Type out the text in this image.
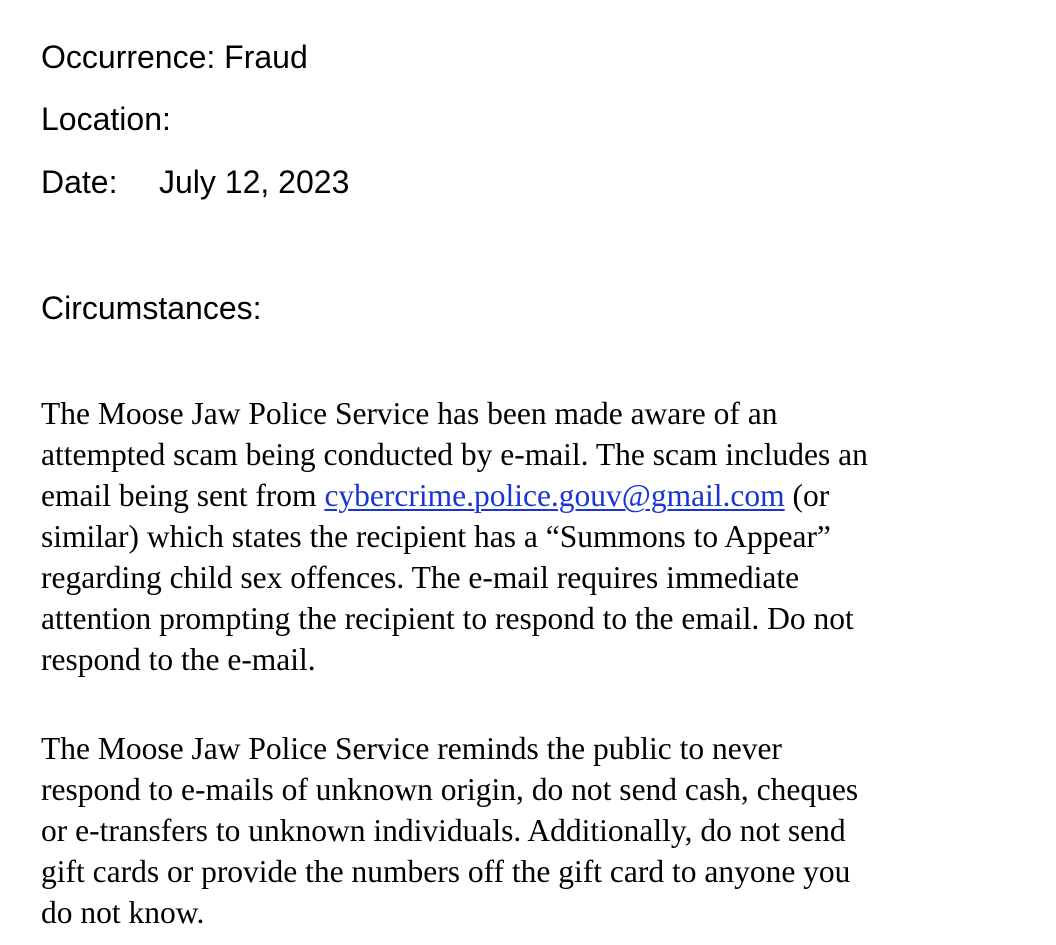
Occurrence: Fraud
Location:
Date: July 12, 2023
Circumstances:
The Moose Jaw Police Service has been made aware of an
attempted scam being conducted by e-mail. The scam includes an
email being sent from cybercrime.police.gouv@gmail.com (or
similar) which states the recipient has a “Summons to Appear”
regarding child sex offences. The e-mail requires immediate
attention prompting the recipient to respond to the email. Do not
respond to the e-mail.
The Moose Jaw Police Service reminds the public to never
respond to e-mails of unknown origin, do not send cash, cheques
or e-transfers to unknown individuals. Additionally, do not send
gift cards or provide the numbers off the gift card to anyone you
do not know.
